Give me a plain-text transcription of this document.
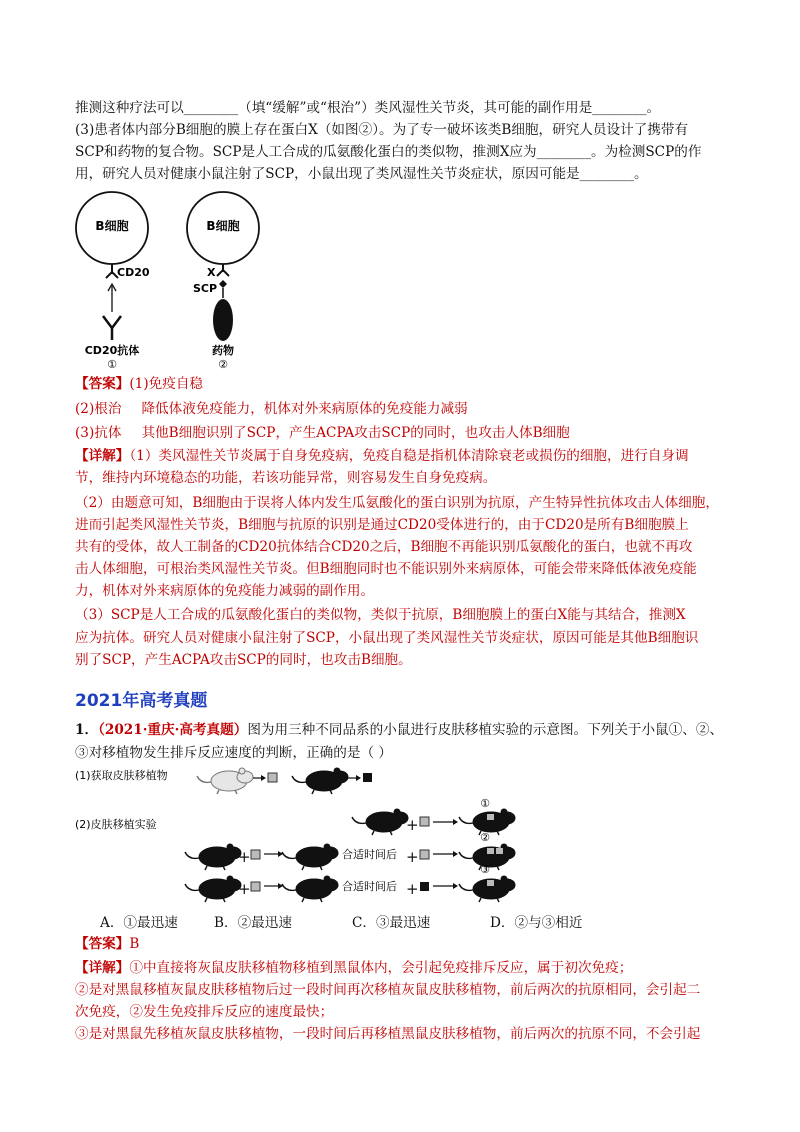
推测这种疗法可以________（填“缓解”或“根治”）类风湿性关节炎，其可能的副作用是________。
(3)患者体内部分B细胞的膜上存在蛋白X（如图②）。为了专一破坏该类B细胞，研究人员设计了携带有
SCP和药物的复合物。SCP是人工合成的瓜氨酸化蛋白的类似物，推测X应为________。为检测SCP的作
用，研究人员对健康小鼠注射了SCP，小鼠出现了类风湿性关节炎症状，原因可能是________。
B细胞
CD20
CD20抗体
①
B细胞
X
SCP
药物
②
【答案】(1)免疫自稳
(2)根治 降低体液免疫能力，机体对外来病原体的免疫能力减弱
(3)抗体 其他B细胞识别了SCP，产生ACPA攻击SCP的同时，也攻击人体B细胞
【详解】（1）类风湿性关节炎属于自身免疫病，免疫自稳是指机体清除衰老或损伤的细胞，进行自身调
节，维持内环境稳态的功能，若该功能异常，则容易发生自身免疫病。
（2）由题意可知，B细胞由于误将人体内发生瓜氨酸化的蛋白识别为抗原，产生特异性抗体攻击人体细胞，
进而引起类风湿性关节炎，B细胞与抗原的识别是通过CD20受体进行的，由于CD20是所有B细胞膜上
共有的受体，故人工制备的CD20抗体结合CD20之后，B细胞不再能识别瓜氨酸化的蛋白，也就不再攻
击人体细胞，可根治类风湿性关节炎。但B细胞同时也不能识别外来病原体，可能会带来降低体液免疫能
力，机体对外来病原体的免疫能力减弱的副作用。
（3）SCP是人工合成的瓜氨酸化蛋白的类似物，类似于抗原，B细胞膜上的蛋白X能与其结合，推测X
应为抗体。研究人员对健康小鼠注射了SCP，小鼠出现了类风湿性关节炎症状，原因可能是其他B细胞识
别了SCP，产生ACPA攻击SCP的同时，也攻击B细胞。
2021年高考真题
1．（2021·重庆·高考真题）图为用三种不同品系的小鼠进行皮肤移植实验的示意图。下列关于小鼠①、②、
③对移植物发生排斥反应速度的判断，正确的是（ ）
(1)获取皮肤移植物
(2)皮肤移植实验	+
①
+	合适时间后 +
②
+	合适时间后 +
③
A．①最迅速	B．②最迅速	C．③最迅速	D．②与③相近
【答案】B
【详解】①中直接将灰鼠皮肤移植物移植到黑鼠体内，会引起免疫排斥反应，属于初次免疫；
②是对黑鼠移植灰鼠皮肤移植物后过一段时间再次移植灰鼠皮肤移植物，前后两次的抗原相同，会引起二
次免疫，②发生免疫排斥反应的速度最快；
③是对黑鼠先移植灰鼠皮肤移植物，一段时间后再移植黑鼠皮肤移植物，前后两次的抗原不同，不会引起
